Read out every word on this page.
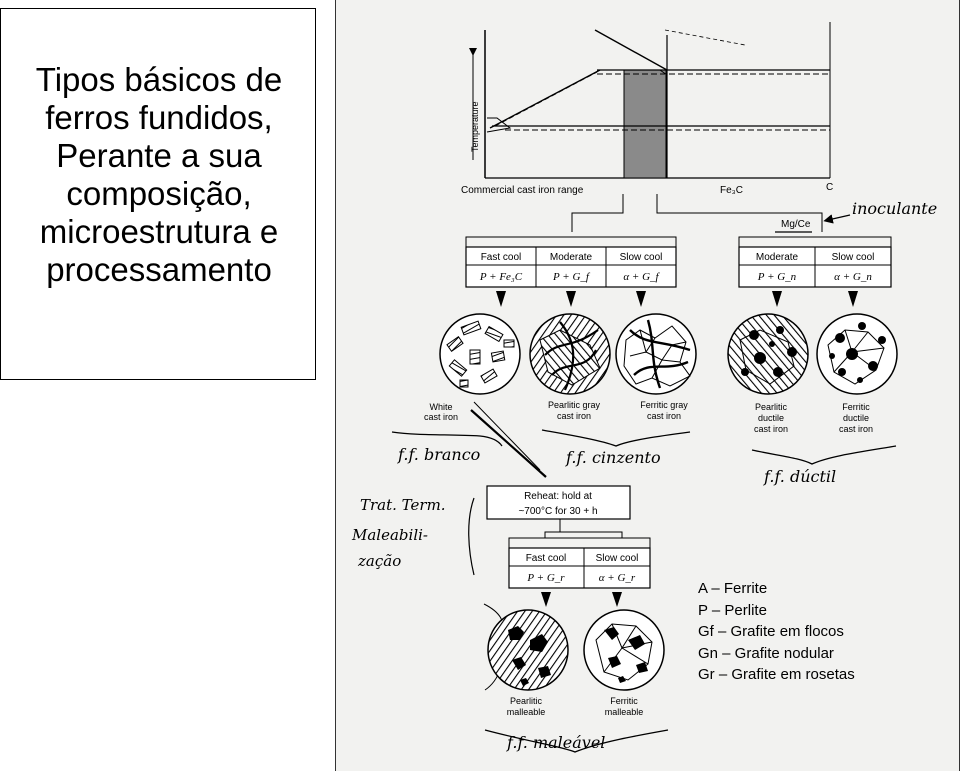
Tipos básicos de
ferros fundidos,
Perante a sua
composição,
microestrutura e
processamento
Temperature
Commercial cast iron range	Fe₃C	C
Mg/Ce
inoculante
Fast cool	Moderate	Slow cool
P + Fe₃C	P + G_f	α + G_f
Moderate	Slow cool
P + G_n	α + G_n
White
cast iron
Pearlitic gray
cast iron
Ferritic gray
cast iron
Pearlitic
ductile
cast iron
Ferritic
ductile
cast iron
f.f. branco	f.f. cinzento
f.f. dúctil
f.f. maleável
Trat. Term.
Maleabili-
zação
Reheat: hold at
~700°C for 30 + h
Fast cool	Slow cool
P + G_r	α + G_r
Pearlitic
malleable
Ferritic
malleable
A – Ferrite
P – Perlite
Gf – Grafite em flocos
Gn – Grafite nodular
Gr – Grafite em rosetas
